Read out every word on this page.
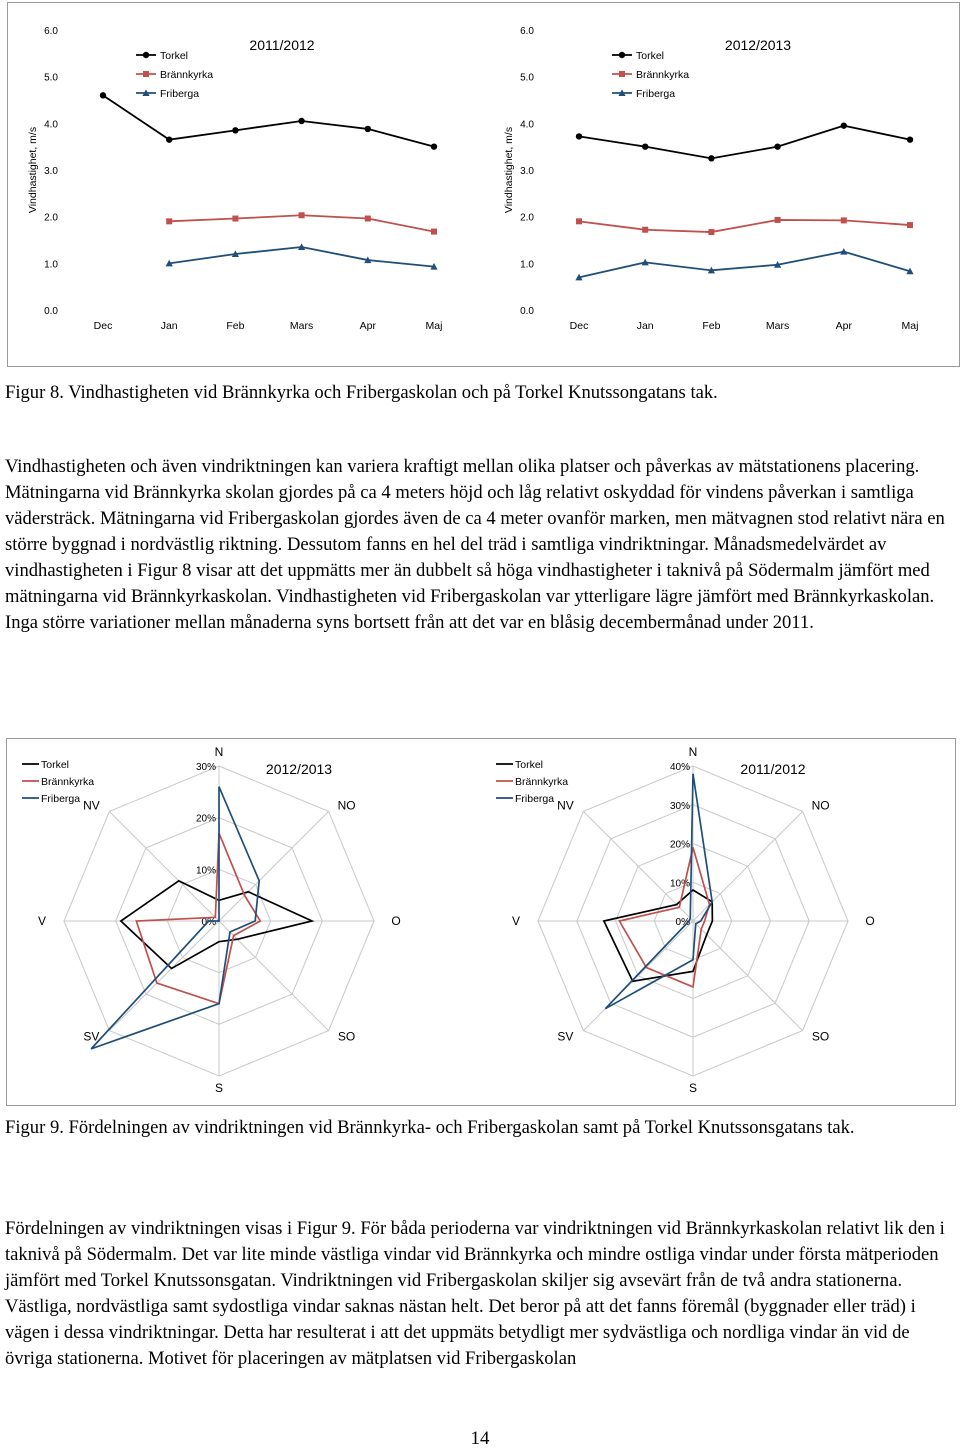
0.0
1.0
2.0
3.0
4.0
5.0
6.0
Vindhastighet, m/s
Dec	Jan	Feb	Mars	Apr	Maj
2011/2012
Torkel
Brännkyrka
Friberga
0.0
1.0
2.0
3.0
4.0
5.0
6.0
Vindhastighet, m/s
Dec	Jan	Feb	Mars	Apr	Maj
2012/2013
Torkel
Brännkyrka
Friberga

Figur 8. Vindhastigheten vid Brännkyrka och Fribergaskolan och på Torkel Knutssongatans tak.

Vindhastigheten och även vindriktningen kan variera kraftigt mellan olika platser och påverkas av mätstationens placering. Mätningarna vid Brännkyrka skolan gjordes på ca 4 meters höjd och låg relativt oskyddad för vindens påverkan i samtliga vädersträck. Mätningarna vid Fribergaskolan gjordes även de ca 4 meter ovanför marken, men mätvagnen stod relativt nära en större byggnad i nordvästlig riktning. Dessutom fanns en hel del träd i samtliga vindriktningar. Månadsmedelvärdet av vindhastigheten i Figur 8 visar att det uppmätts mer än dubbelt så höga vindhastigheter i taknivå på Södermalm jämfört med mätningarna vid Brännkyrkaskolan. Vindhastigheten vid Fribergaskolan var ytterligare lägre jämfört med Brännkyrkaskolan. Inga större variationer mellan månaderna syns bortsett från att det var en blåsig decembermånad under 2011.

0%
10%
20%
30%
N
NO
O
SO
S
SV
V
NV
2012/2013
Torkel
Brännkyrka
Friberga
0%
10%
20%
30%
40%
N
NO
O
SO
S
SV
V
NV
2011/2012
Torkel
Brännkyrka
Friberga

Figur 9. Fördelningen av vindriktningen vid Brännkyrka- och Fribergaskolan samt på Torkel Knutssonsgatans tak.

Fördelningen av vindriktningen visas i Figur 9. För båda perioderna var vindriktningen vid Brännkyrkaskolan relativt lik den i taknivå på Södermalm. Det var lite minde västliga vindar vid Brännkyrka och mindre ostliga vindar under första mätperioden jämfört med Torkel Knutssonsgatan. Vindriktningen vid Fribergaskolan skiljer sig avsevärt från de två andra stationerna. Västliga, nordvästliga samt sydostliga vindar saknas nästan helt. Det beror på att det fanns föremål (byggnader eller träd) i vägen i dessa vindriktningar. Detta har resulterat i att det uppmäts betydligt mer sydvästliga och nordliga vindar än vid de övriga stationerna. Motivet för placeringen av mätplatsen vid Fribergaskolan

14
